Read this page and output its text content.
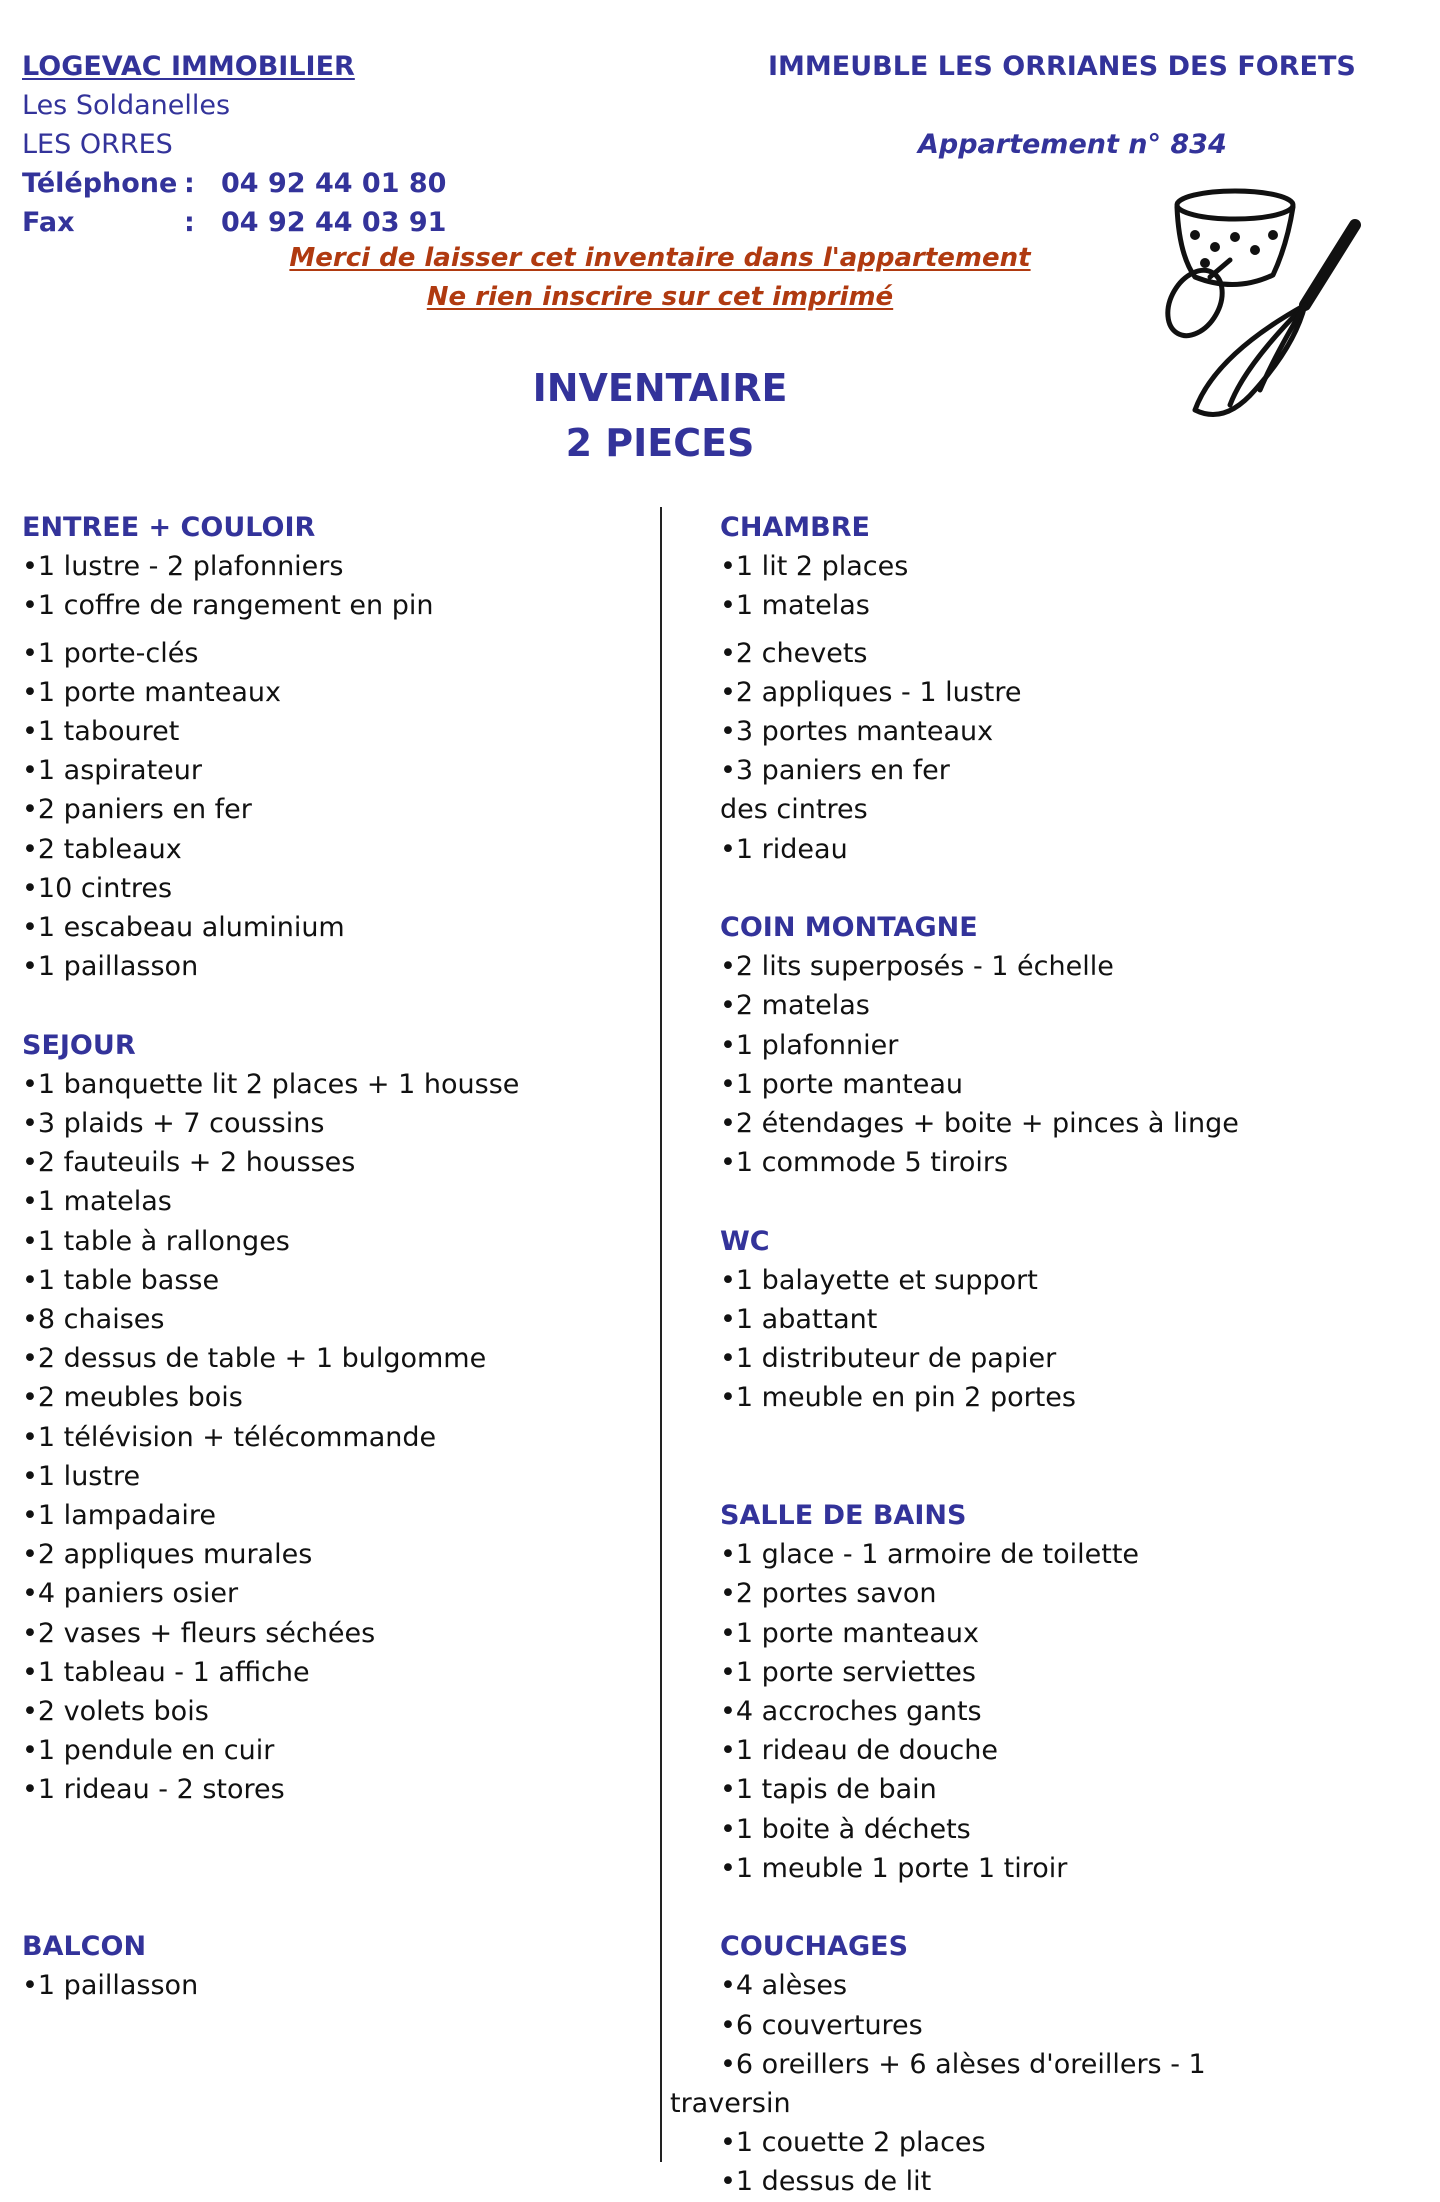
LOGEVAC IMMOBILIER
Les Soldanelles
LES ORRES
Téléphone : 04 92 44 01 80
Fax	: 04 92 44 03 91
IMMEUBLE LES ORRIANES DES FORETS
Appartement n° 834
Merci de laisser cet inventaire dans l'appartement
Ne rien inscrire sur cet imprimé
INVENTAIRE
2 PIECES
ENTREE + COULOIR
•1 lustre - 2 plafonniers
•1 coffre de rangement en pin
•1 porte-clés
•1 porte manteaux
•1 tabouret
•1 aspirateur
•2 paniers en fer
•2 tableaux
•10 cintres
•1 escabeau aluminium
•1 paillasson
SEJOUR
•1 banquette lit 2 places + 1 housse
•3 plaids + 7 coussins
•2 fauteuils + 2 housses
•1 matelas
•1 table à rallonges
•1 table basse
•8 chaises
•2 dessus de table + 1 bulgomme
•2 meubles bois
•1 télévision + télécommande
•1 lustre
•1 lampadaire
•2 appliques murales
•4 paniers osier
•2 vases + fleurs séchées
•1 tableau - 1 affiche
•2 volets bois
•1 pendule en cuir
•1 rideau - 2 stores
BALCON
•1 paillasson
CHAMBRE
•1 lit 2 places
•1 matelas
•2 chevets
•2 appliques - 1 lustre
•3 portes manteaux
•3 paniers en fer
des cintres
•1 rideau
COIN MONTAGNE
•2 lits superposés - 1 échelle
•2 matelas
•1 plafonnier
•1 porte manteau
•2 étendages + boite + pinces à linge
•1 commode 5 tiroirs
WC
•1 balayette et support
•1 abattant
•1 distributeur de papier
•1 meuble en pin 2 portes
SALLE DE BAINS
•1 glace - 1 armoire de toilette
•2 portes savon
•1 porte manteaux
•1 porte serviettes
•4 accroches gants
•1 rideau de douche
•1 tapis de bain
•1 boite à déchets
•1 meuble 1 porte 1 tiroir
COUCHAGES
•4 alèses
•6 couvertures
•6 oreillers + 6 alèses d'oreillers - 1
traversin
•1 couette 2 places
•1 dessus de lit
